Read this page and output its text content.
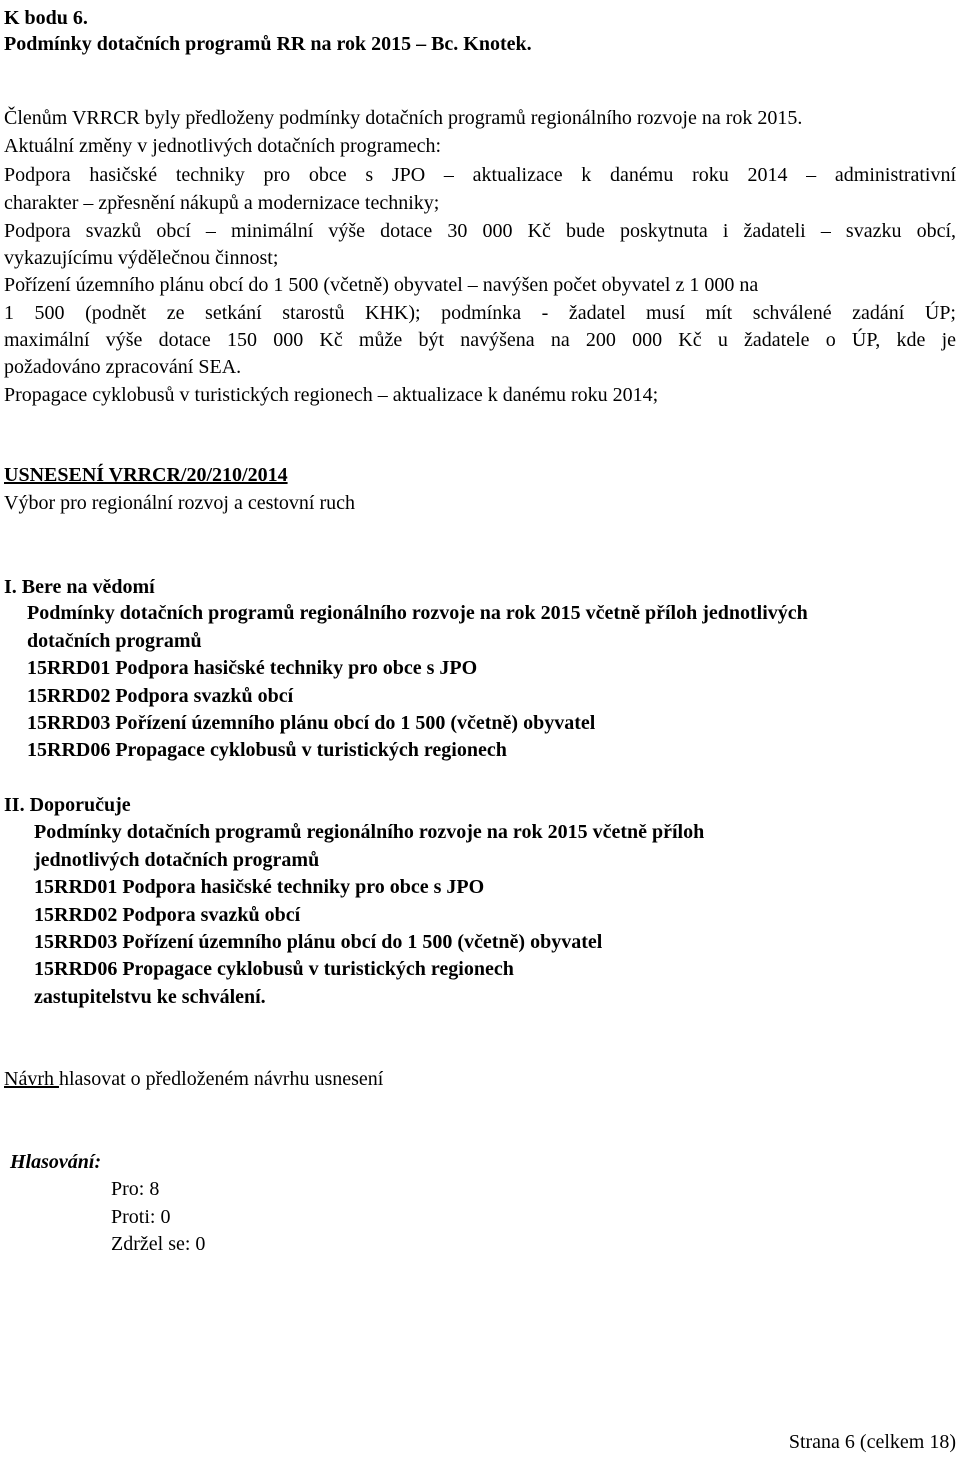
K bodu 6.
Podmínky dotačních programů RR na rok 2015 – Bc. Knotek.
Členům VRRCR byly předloženy podmínky dotačních programů regionálního rozvoje na rok 2015.
Aktuální změny v jednotlivých dotačních programech:
Podpora hasičské techniky pro obce s JPO – aktualizace k danému roku 2014 – administrativní
charakter – zpřesnění nákupů a modernizace techniky;
Podpora svazků obcí – minimální výše dotace 30 000 Kč bude poskytnuta i žadateli – svazku obcí,
vykazujícímu výdělečnou činnost;
Pořízení územního plánu obcí do 1 500 (včetně) obyvatel – navýšen počet obyvatel z 1 000 na
1 500 (podnět ze setkání starostů KHK); podmínka - žadatel musí mít schválené zadání ÚP;
maximální výše dotace 150 000 Kč může být navýšena na 200 000 Kč u žadatele o ÚP, kde je
požadováno zpracování SEA.
Propagace cyklobusů v turistických regionech – aktualizace k danému roku 2014;
USNESENÍ VRRCR/20/210/2014
Výbor pro regionální rozvoj a cestovní ruch
I. Bere na vědomí
Podmínky dotačních programů regionálního rozvoje na rok 2015 včetně příloh jednotlivých
dotačních programů
15RRD01 Podpora hasičské techniky pro obce s JPO
15RRD02 Podpora svazků obcí
15RRD03 Pořízení územního plánu obcí do 1 500 (včetně) obyvatel
15RRD06 Propagace cyklobusů v turistických regionech
II. Doporučuje
Podmínky dotačních programů regionálního rozvoje na rok 2015 včetně příloh
jednotlivých dotačních programů
15RRD01 Podpora hasičské techniky pro obce s JPO
15RRD02 Podpora svazků obcí
15RRD03 Pořízení územního plánu obcí do 1 500 (včetně) obyvatel
15RRD06 Propagace cyklobusů v turistických regionech
zastupitelstvu ke schválení.
Návrh hlasovat o předloženém návrhu usnesení
Hlasování:
Pro: 8
Proti: 0
Zdržel se: 0
Strana 6 (celkem 18)
